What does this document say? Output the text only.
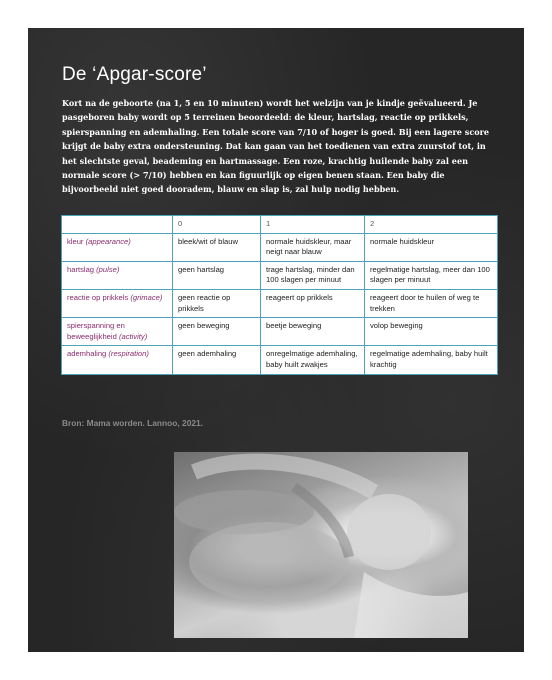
De ‘Apgar-score’

Kort na de geboorte (na 1, 5 en 10 minuten) wordt het welzijn van je kindje geëvalueerd. Je pasgeboren baby wordt op 5 terreinen beoordeeld: de kleur, hartslag, reactie op prikkels, spierspanning en ademhaling. Een totale score van 7/10 of hoger is goed. Bij een lagere score krijgt de baby extra ondersteuning. Dat kan gaan van het toedienen van extra zuurstof tot, in het slechtste geval, beademing en hartmassage. Een roze, krachtig huilende baby zal een normale score (> 7/10) hebben en kan figuurlijk op eigen benen staan. Een baby die bijvoorbeeld niet goed dooradem, blauw en slap is, zal hulp nodig hebben.

	0	1	2
kleur (appearance)	bleek/wit of blauw	normale huidskleur, maar neigt naar blauw	normale huidskleur
hartslag (pulse)	geen hartslag	trage hartslag, minder dan 100 slagen per minuut	regelmatige hartslag, meer dan 100 slagen per minuut
reactie op prikkels (grimace)	geen reactie op prikkels	reageert op prikkels	reageert door te huilen of weg te trekken
spierspanning en beweeglijkheid (activity)	geen beweging	beetje beweging	volop beweging
ademhaling (respiration)	geen ademhaling	onregelmatige ademhaling, baby huilt zwakjes	regelmatige ademhaling, baby huilt krachtig

Bron: Mama worden. Lannoo, 2021.
